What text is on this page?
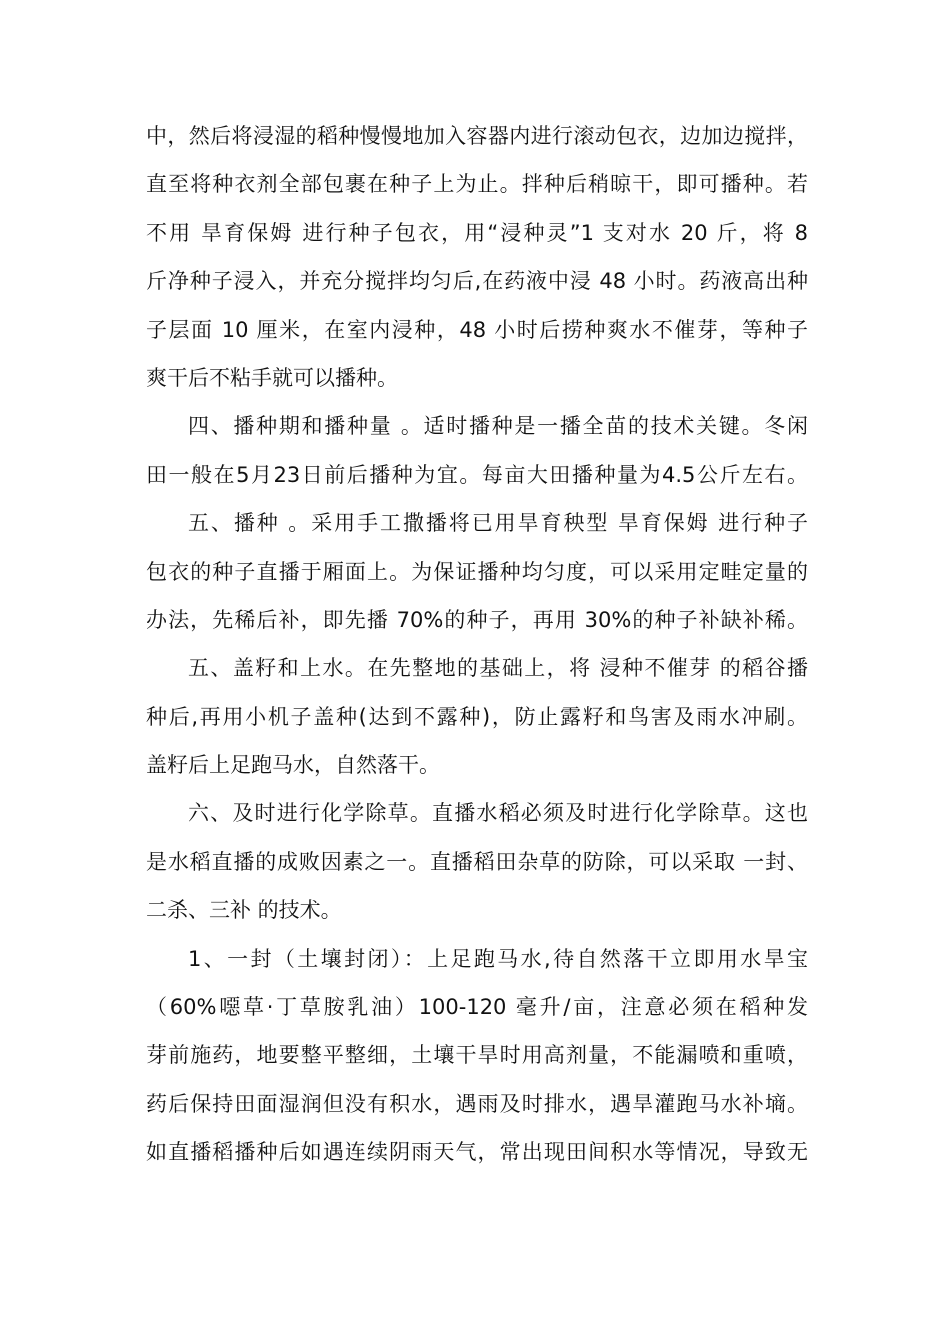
中，然后将浸湿的稻种慢慢地加入容器内进行滚动包衣，边加边搅拌，
直至将种衣剂全部包裹在种子上为止。拌种后稍晾干，即可播种。若
不用 旱育保姆 进行种子包衣，用“浸种灵”1 支对水 20 斤，将 8
斤净种子浸入，并充分搅拌均匀后,在药液中浸 48 小时。药液高出种
子层面 10 厘米，在室内浸种，48 小时后捞种爽水不催芽，等种子
爽干后不粘手就可以播种。
四、播种期和播种量 。适时播种是一播全苗的技术关键。冬闲
田一般在5月23日前后播种为宜。每亩大田播种量为4.5公斤左右。
五、播种 。采用手工撒播将已用旱育秧型 旱育保姆 进行种子
包衣的种子直播于厢面上。为保证播种均匀度，可以采用定畦定量的
办法，先稀后补，即先播 70%的种子，再用 30%的种子补缺补稀。
五、盖籽和上水。在先整地的基础上，将 浸种不催芽 的稻谷播
种后,再用小机子盖种(达到不露种)，防止露籽和鸟害及雨水冲刷。
盖籽后上足跑马水，自然落干。
六、及时进行化学除草。直播水稻必须及时进行化学除草。这也
是水稻直播的成败因素之一。直播稻田杂草的防除，可以采取 一封、
二杀、三补 的技术。
1、一封（土壤封闭）：上足跑马水,待自然落干立即用水旱宝
（60%噁草·丁草胺乳油）100-120 毫升/亩，注意必须在稻种发
芽前施药，地要整平整细，土壤干旱时用高剂量，不能漏喷和重喷，
药后保持田面湿润但没有积水，遇雨及时排水，遇旱灌跑马水补墒。
如直播稻播种后如遇连续阴雨天气，常出现田间积水等情况，导致无
